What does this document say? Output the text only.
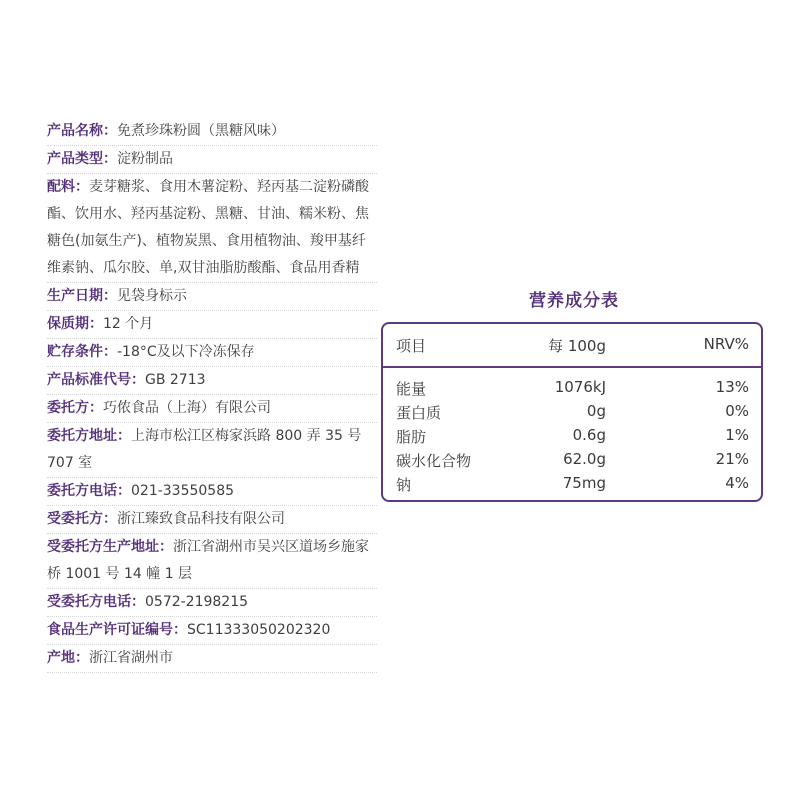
产品名称：免煮珍珠粉圆（黑糖风味）
产品类型：淀粉制品
配料：麦芽糖浆、食用木薯淀粉、羟丙基二淀粉磷酸酯、饮用水、羟丙基淀粉、黑糖、甘油、糯米粉、焦糖色(加氨生产)、植物炭黑、食用植物油、羧甲基纤维素钠、瓜尔胶、单,双甘油脂肪酸酯、食品用香精
生产日期：见袋身标示
保质期：12 个月
贮存条件：-18°C及以下冷冻保存
产品标准代号：GB 2713
委托方：巧侬食品（上海）有限公司
委托方地址：上海市松江区梅家浜路 800 弄 35 号 707 室
委托方电话：021-33550585
受委托方：浙江臻致食品科技有限公司
受委托方生产地址：浙江省湖州市吴兴区道场乡施家桥 1001 号 14 幢 1 层
受委托方电话：0572-2198215
食品生产许可证编号：SC11333050202320
产地：浙江省湖州市
营养成分表
项目	每 100g	NRV%
能量	1076kJ	13%
蛋白质	0g	0%
脂肪	0.6g	1%
碳水化合物	62.0g	21%
钠	75mg	4%
